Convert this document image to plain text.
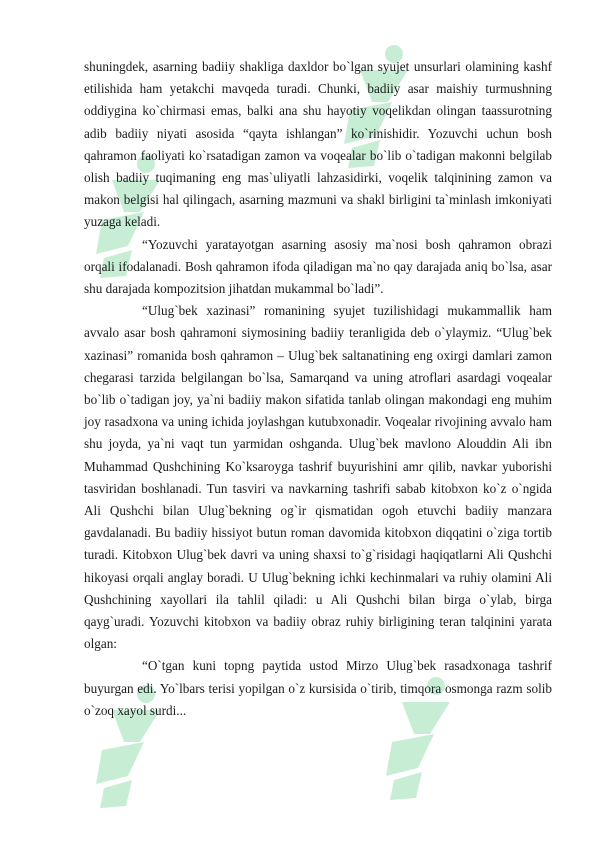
shuningdek, asarning badiiy shakliga daxldor bo`lgan syujet unsurlari olamining kashf etilishida ham yetakchi mavqeda turadi. Chunki, badiiy asar maishiy turmushning oddiygina ko`chirmasi emas, balki ana shu hayotiy voqelikdan olingan taassurotning adib badiiy niyati asosida “qayta ishlangan” ko`rinishidir. Yozuvchi uchun bosh qahramon faoliyati ko`rsatadigan zamon va voqealar bo`lib o`tadigan makonni belgilab olish badiiy tuqimaning eng mas`uliyatli lahzasidirki, voqelik talqinining zamon va makon belgisi hal qilingach, asarning mazmuni va shakl birligini ta`minlash imkoniyati yuzaga keladi.

“Yozuvchi yaratayotgan asarning asosiy ma`nosi bosh qahramon obrazi orqali ifodalanadi. Bosh qahramon ifoda qiladigan ma`no qay darajada aniq bo`lsa, asar shu darajada kompozitsion jihatdan mukammal bo`ladi”.

“Ulug`bek xazinasi” romanining syujet tuzilishidagi mukammallik ham avvalo asar bosh qahramoni siymosining badiiy teranligida deb o`ylaymiz. “Ulug`bek xazinasi” romanida bosh qahramon – Ulug`bek saltanatining eng oxirgi damlari zamon chegarasi tarzida belgilangan bo`lsa, Samarqand va uning atroflari asardagi voqealar bo`lib o`tadigan joy, ya`ni badiiy makon sifatida tanlab olingan makondagi eng muhim joy rasadxona va uning ichida joylashgan kutubxonadir. Voqealar rivojining avvalo ham shu joyda, ya`ni vaqt tun yarmidan oshganda. Ulug`bek mavlono Alouddin Ali ibn Muhammad Qushchining Ko`ksaroyga tashrif buyurishini amr qilib, navkar yuborishi tasviridan boshlanadi. Tun tasviri va navkarning tashrifi sabab kitobxon ko`z o`ngida Ali Qushchi bilan Ulug`bekning og`ir qismatidan ogoh etuvchi badiiy manzara gavdalanadi. Bu badiiy hissiyot butun roman davomida kitobxon diqqatini o`ziga tortib turadi. Kitobxon Ulug`bek davri va uning shaxsi to`g`risidagi haqiqatlarni Ali Qushchi hikoyasi orqali anglay boradi. U Ulug`bekning ichki kechinmalari va ruhiy olamini Ali Qushchining xayollari ila tahlil qiladi: u Ali Qushchi bilan birga o`ylab, birga qayg`uradi. Yozuvchi kitobxon va badiiy obraz ruhiy birligining teran talqinini yarata olgan:

“O`tgan kuni topng paytida ustod Mirzo Ulug`bek rasadxonaga tashrif buyurgan edi. Yo`lbars terisi yopilgan o`z kursisida o`tirib, timqora osmonga razm solib o`zoq xayol surdi...
